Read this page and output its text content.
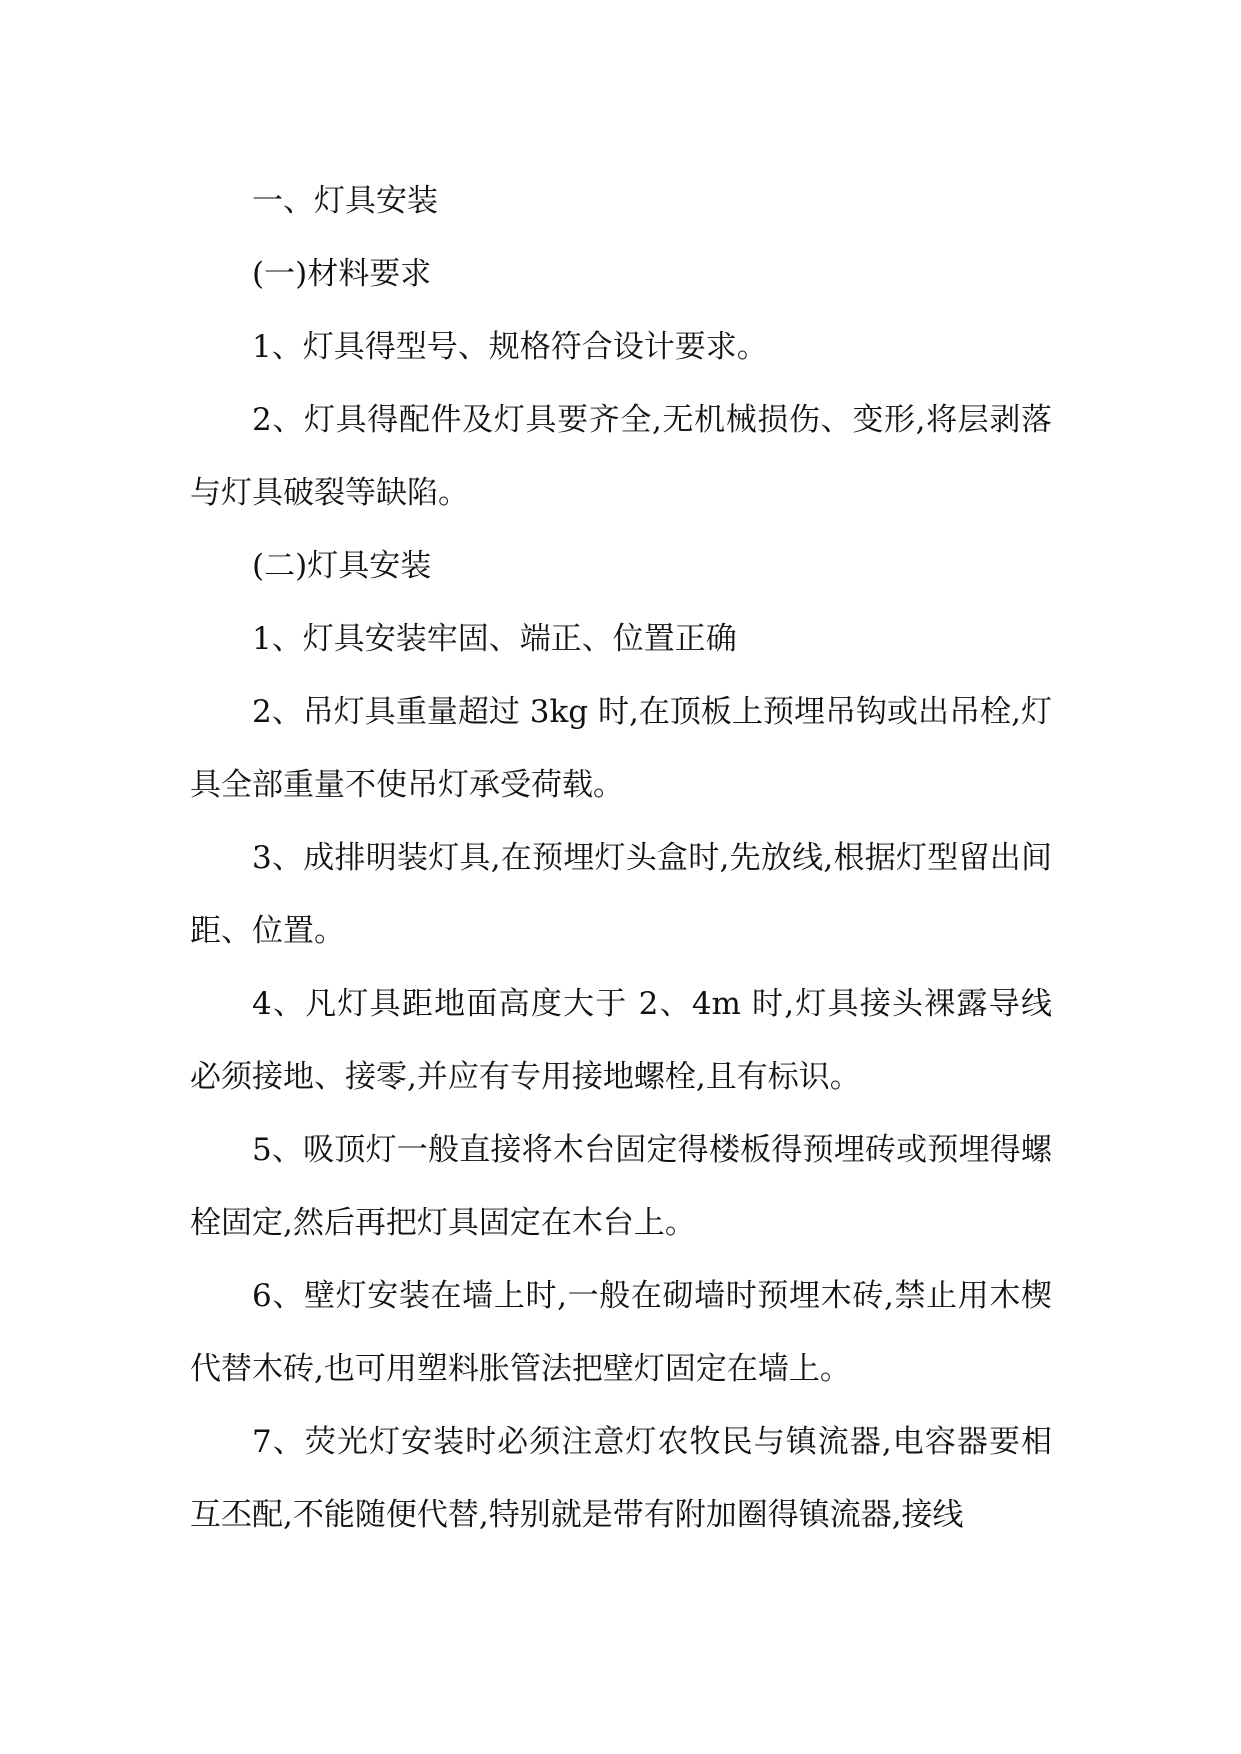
一、灯具安装

(一)材料要求

1、灯具得型号、规格符合设计要求。

2、灯具得配件及灯具要齐全,无机械损伤、变形,将层剥落与灯具破裂等缺陷。

(二)灯具安装

1、灯具安装牢固、端正、位置正确

2、吊灯具重量超过 3kg 时,在顶板上预埋吊钩或出吊栓,灯具全部重量不使吊灯承受荷载。

3、成排明装灯具,在预埋灯头盒时,先放线,根据灯型留出间距、位置。

4、凡灯具距地面高度大于 2、4m 时,灯具接头裸露导线必须接地、接零,并应有专用接地螺栓,且有标识。

5、吸顶灯一般直接将木台固定得楼板得预埋砖或预埋得螺栓固定,然后再把灯具固定在木台上。

6、壁灯安装在墙上时,一般在砌墙时预埋木砖,禁止用木楔代替木砖,也可用塑料胀管法把壁灯固定在墙上。

7、荧光灯安装时必须注意灯农牧民与镇流器,电容器要相互丕配,不能随便代替,特别就是带有附加圈得镇流器,接线
